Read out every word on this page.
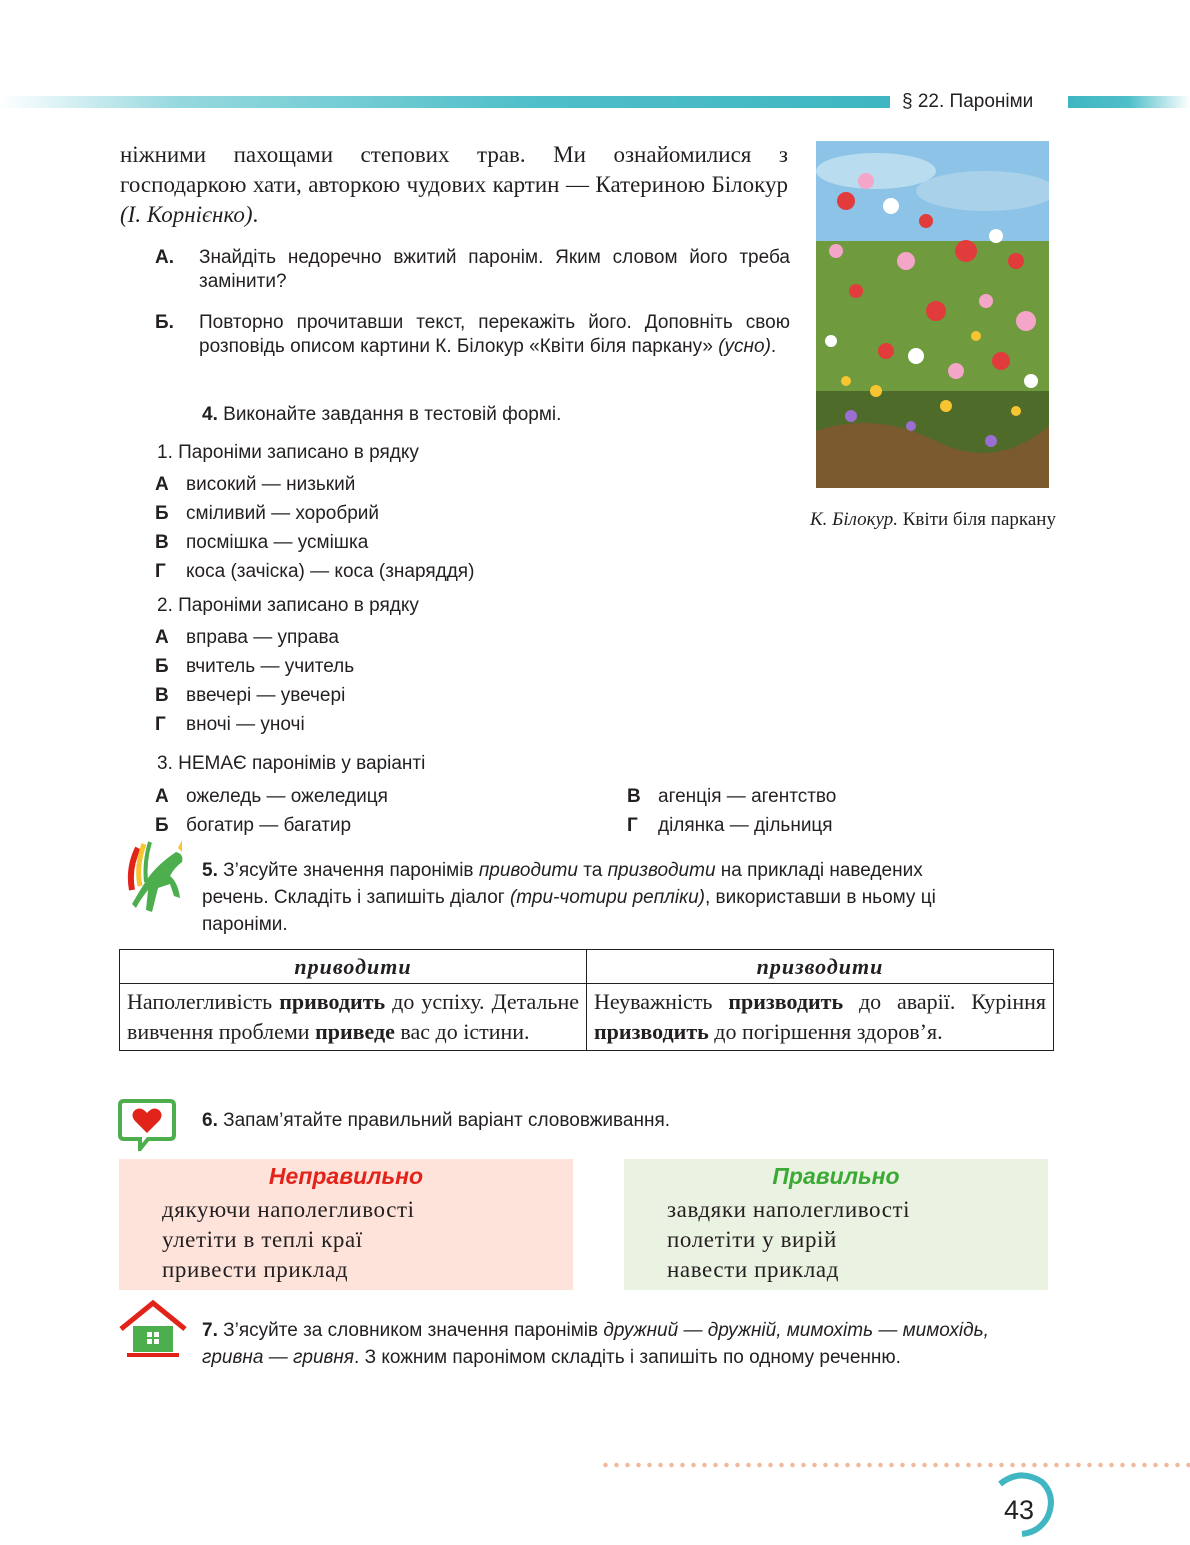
§ 22. Пароніми
ніжними пахощами степових трав. Ми ознайомилися з господаркою хати, авторкою чудових картин — Катериною Білокур (І. Корнієнко).
А. Знайдіть недоречно вжитий паронім. Яким словом його треба замінити?
Б. Повторно прочитавши текст, перекажіть його. Доповніть свою розповідь описом картини К. Білокур «Квіти біля паркану» (усно).
4. Виконайте завдання в тестовій формі.
1. Пароніми записано в рядку
А високий — низький
Б сміливий — хоробрий
В посмішка — усмішка
Г коса (зачіска) — коса (знаряддя)
2. Пароніми записано в рядку
А вправа — управа
Б вчитель — учитель
В ввечері — увечері
Г вночі — уночі
3. НЕМАЄ паронімів у варіанті
А ожеледь — ожеледиця
Б богатир — багатир
В агенція — агентство
Г ділянка — дільниця
К. Білокур. Квіти біля паркану
5. З’ясуйте значення паронімів приводити та призводити на прикладі наведених речень. Складіть і запишіть діалог (три-чотири репліки), використавши в ньому ці пароніми.
приводити	призводити
Наполегливість приводить до успіху. Детальне вивчення проблеми приведе вас до істини.	Неуважність призводить до аварії. Куріння призводить до погіршення здоров’я.
6. Запам’ятайте правильний варіант слововживання.
Неправильно
дякуючи наполегливості
улетіти в теплі краї
привести приклад
Правильно
завдяки наполегливості
полетіти у вирій
навести приклад
7. З’ясуйте за словником значення паронімів дружний — дружній, мимохіть — мимохідь, гривна — гривня. З кожним паронімом складіть і запишіть по одному реченню.
43
